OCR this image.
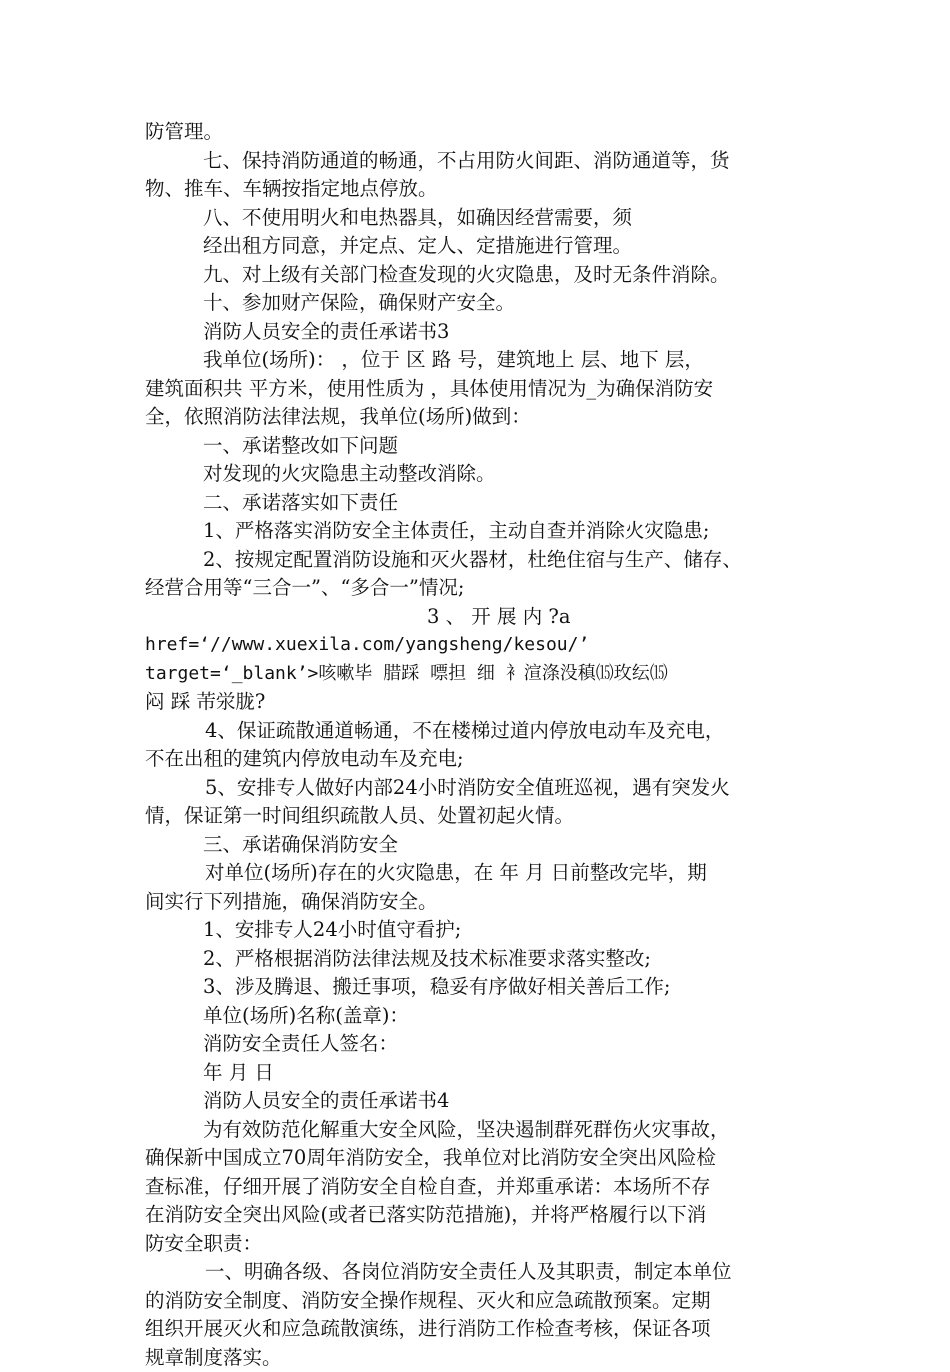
防管理。
七、保持消防通道的畅通，不占用防火间距、消防通道等，货
物、推车、车辆按指定地点停放。
八、不使用明火和电热器具，如确因经营需要，须
经出租方同意，并定点、定人、定措施进行管理。
九、对上级有关部门检查发现的火灾隐患，及时无条件消除。
十、参加财产保险，确保财产安全。
消防人员安全的责任承诺书3
我单位(场所)： ，位于 区 路 号，建筑地上 层、地下 层，
建筑面积共 平方米，使用性质为 ，具体使用情况为_为确保消防安
全，依照消防法律法规，我单位(场所)做到：
一、承诺整改如下问题
对发现的火灾隐患主动整改消除。
二、承诺落实如下责任
1、严格落实消防安全主体责任，主动自查并消除火灾隐患;
2、按规定配置消防设施和灭火器材，杜绝住宿与生产、储存、
经营合用等“三合一”、“多合一”情况;
3 、 开 展 内 ?a
href=‘//www.xuexila.com/yangsheng/kesou/’
target=‘_blank’>咳嗽毕 腊踩 嘌担 细 衤渲涤没稹⒂玫纭⒂
闷 踩 芾泶胧?
4、保证疏散通道畅通，不在楼梯过道内停放电动车及充电，
不在出租的建筑内停放电动车及充电;
5、安排专人做好内部24小时消防安全值班巡视，遇有突发火
情，保证第一时间组织疏散人员、处置初起火情。
三、承诺确保消防安全
对单位(场所)存在的火灾隐患，在 年 月 日前整改完毕，期
间实行下列措施，确保消防安全。
1、安排专人24小时值守看护;
2、严格根据消防法律法规及技术标准要求落实整改;
3、涉及腾退、搬迁事项，稳妥有序做好相关善后工作;
单位(场所)名称(盖章)：
消防安全责任人签名：
年 月 日
消防人员安全的责任承诺书4
为有效防范化解重大安全风险，坚决遏制群死群伤火灾事故，
确保新中国成立70周年消防安全，我单位对比消防安全突出风险检
查标准，仔细开展了消防安全自检自查，并郑重承诺：本场所不存
在消防安全突出风险(或者已落实防范措施)，并将严格履行以下消
防安全职责：
一、明确各级、各岗位消防安全责任人及其职责，制定本单位
的消防安全制度、消防安全操作规程、灭火和应急疏散预案。定期
组织开展灭火和应急疏散演练，进行消防工作检查考核，保证各项
规章制度落实。
